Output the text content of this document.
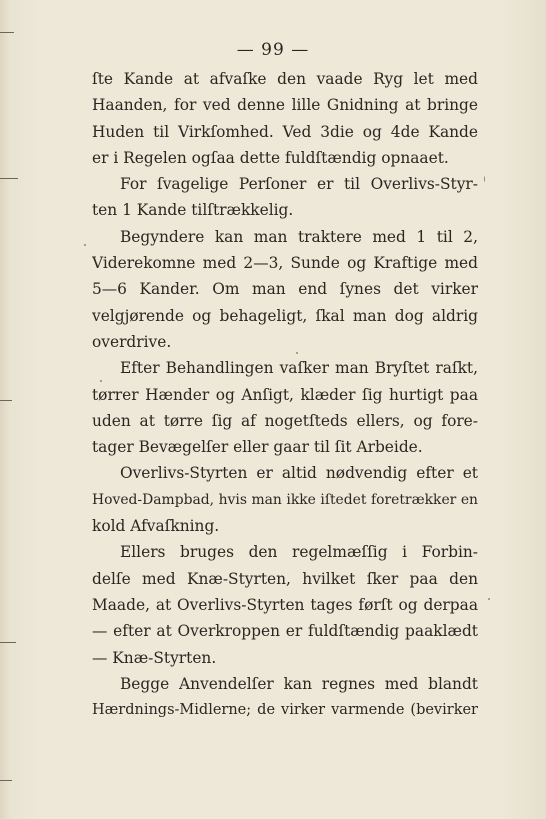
— 99 —
ſte Kande at afvaſke den vaade Ryg let med
Haanden, for ved denne lille Gnidning at bringe
Huden til Virkſomhed. Ved 3die og 4de Kande
er i Regelen ogſaa dette fuldſtændig opnaaet.
For ſvagelige Perſoner er til Overlivs-Styr-
ten 1 Kande tilſtrækkelig.
Begyndere kan man traktere med 1 til 2,
Viderekomne med 2—3, Sunde og Kraftige med
5—6 Kander. Om man end ſynes det virker
velgjørende og behageligt, ſkal man dog aldrig
overdrive.
Efter Behandlingen vaſker man Bryſtet raſkt,
tørrer Hænder og Anſigt, klæder ſig hurtigt paa
uden at tørre ſig af nogetſteds ellers, og fore-
tager Bevægelſer eller gaar til ſit Arbeide.
Overlivs-Styrten er altid nødvendig efter et
Hoved-Dampbad, hvis man ikke iſtedet foretrækker en
kold Afvaſkning.
Ellers bruges den regelmæſſig i Forbin-
delſe med Knæ-Styrten, hvilket ſker paa den
Maade, at Overlivs-Styrten tages førſt og derpaa
— efter at Overkroppen er fuldſtændig paaklædt
— Knæ-Styrten.
Begge Anvendelſer kan regnes med blandt
Hærdnings-Midlerne; de virker varmende (bevirker
